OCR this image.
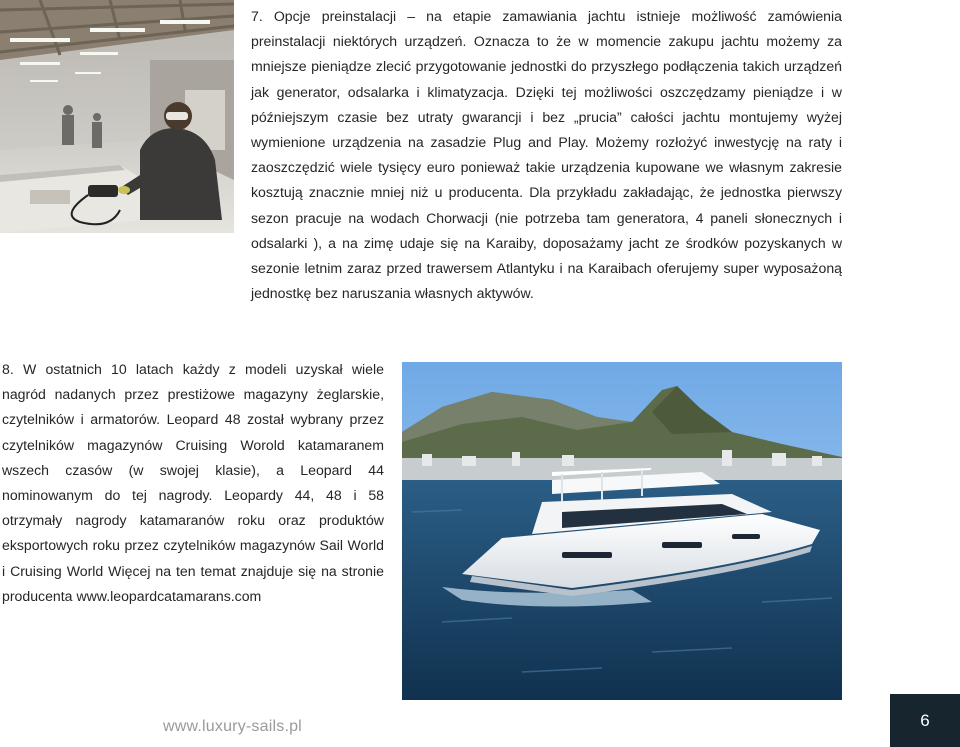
7. Opcje preinstalacji – na etapie zamawiania jachtu istnieje możliwość zamówienia preinstalacji niektórych urządzeń. Oznacza to że w momencie zakupu jachtu możemy za mniejsze pieniądze zlecić przygotowanie jednostki do przyszłego podłączenia takich urządzeń jak generator, odsalarka i klimatyzacja. Dzięki tej możliwości oszczędzamy pieniądze i w późniejszym czasie bez utraty gwarancji i bez „prucia” całości jachtu montujemy wyżej wymienione urządzenia na zasadzie Plug and Play. Możemy rozłożyć inwestycję na raty i zaoszczędzić wiele tysięcy euro ponieważ takie urządzenia kupowane we własnym zakresie kosztują znacznie mniej niż u producenta. Dla przykładu zakładając, że jednostka pierwszy sezon pracuje na wodach Chorwacji (nie potrzeba tam generatora, 4 paneli słonecznych i odsalarki ), a na zimę udaje się na Karaiby, doposażamy jacht ze środków pozyskanych w sezonie letnim zaraz przed trawersem Atlantyku i na Karaibach oferujemy super wyposażoną jednostkę bez naruszania własnych aktywów.

8. W ostatnich 10 latach każdy z modeli uzyskał wiele nagród nadanych przez prestiżowe magazyny żeglarskie, czytelników i armatorów. Leopard 48 został wybrany przez czytelników magazynów Cruising Worold katamaranem wszech czasów (w swojej klasie), a Leopard 44 nominowanym do tej nagrody. Leopardy 44, 48 i 58 otrzymały nagrody katamaranów roku oraz produktów eksportowych roku przez czytelników magazynów Sail World i Cruising World Więcej na ten temat znajduje się na stronie producenta www.leopardcatamarans.com

www.luxury-sails.pl	6
